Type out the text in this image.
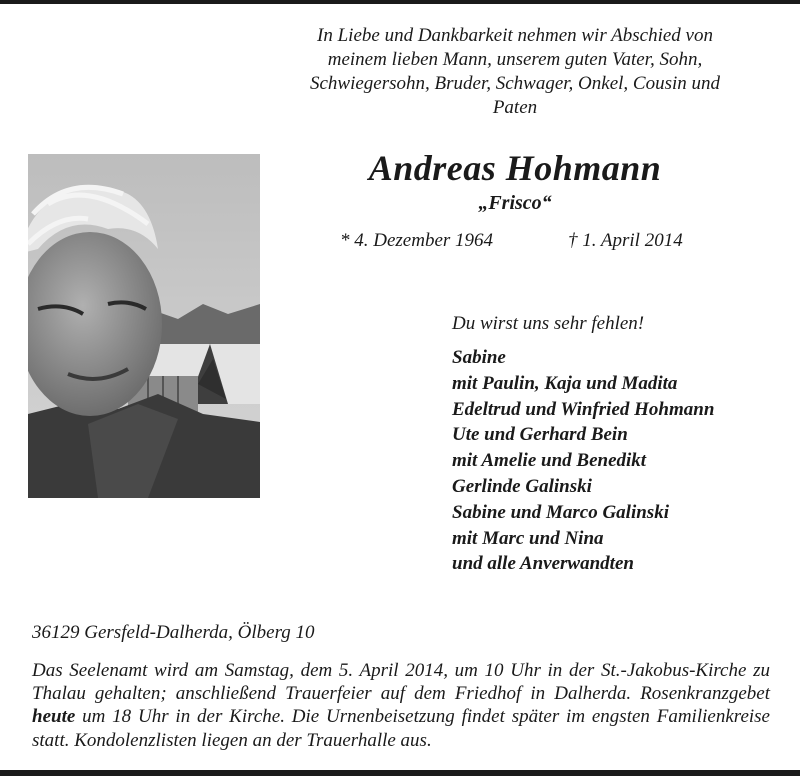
In Liebe und Dankbarkeit nehmen wir Abschied von
meinem lieben Mann, unserem guten Vater, Sohn,
Schwiegersohn, Bruder, Schwager, Onkel, Cousin und
Paten
Andreas Hohmann
„Frisco“
* 4. Dezember 1964	† 1. April 2014
Du wirst uns sehr fehlen!
Sabine
mit Paulin, Kaja und Madita
Edeltrud und Winfried Hohmann
Ute und Gerhard Bein
mit Amelie und Benedikt
Gerlinde Galinski
Sabine und Marco Galinski
mit Marc und Nina
und alle Anverwandten
36129 Gersfeld-Dalherda, Ölberg 10

Das Seelenamt wird am Samstag, dem 5. April 2014, um 10 Uhr in der St.-Jakobus-Kirche zu Thalau gehalten; anschließend Trauerfeier auf dem Friedhof in Dalherda. Rosenkranzgebet heute um 18 Uhr in der Kirche. Die Urnenbeisetzung findet später im engsten Familienkreise statt. Kondolenzlisten liegen an der Trauerhalle aus.
